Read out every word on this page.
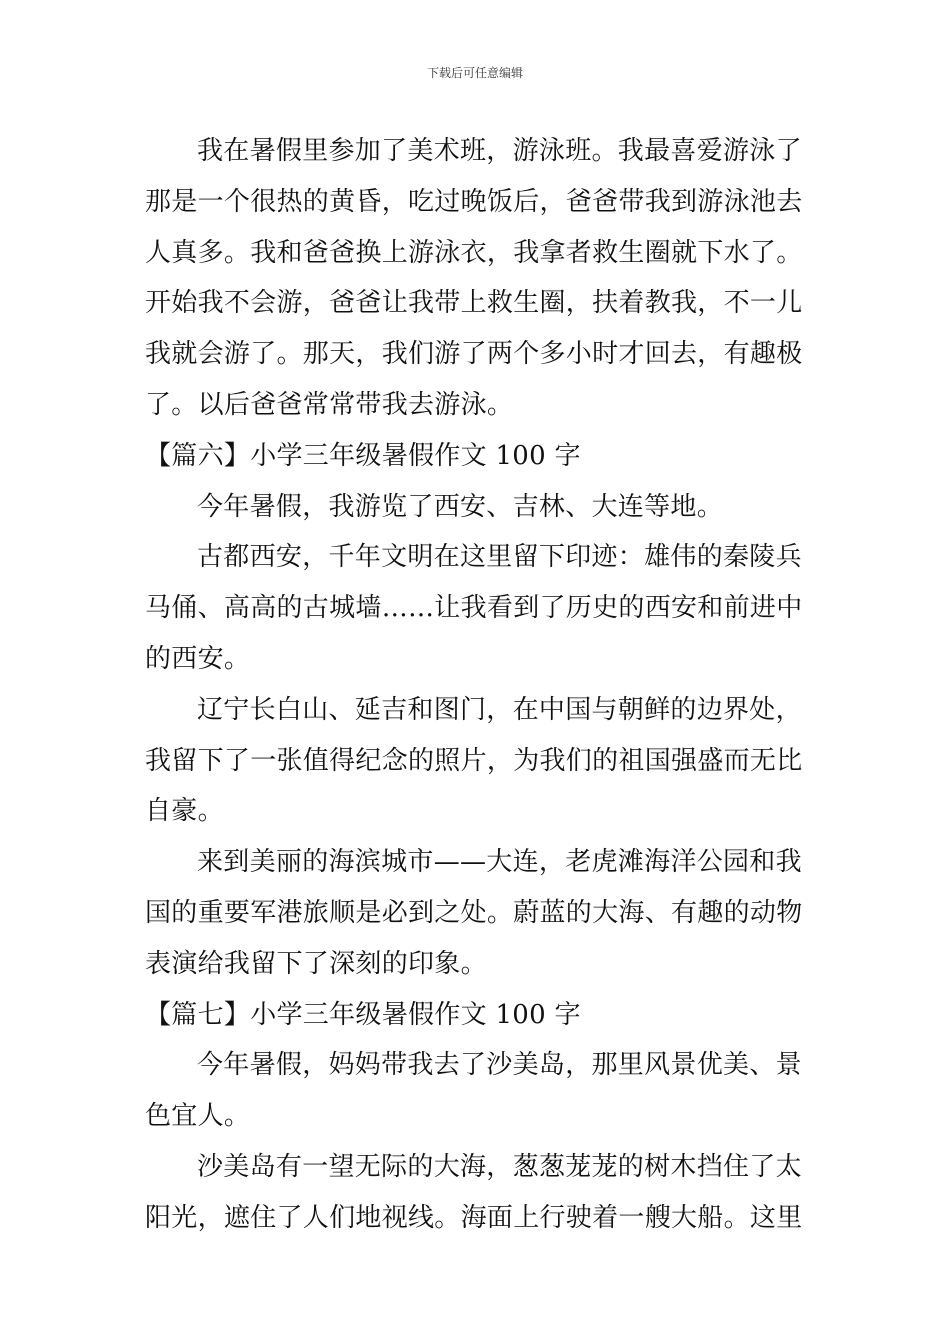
下载后可任意编辑
我在暑假里参加了美术班，游泳班。我最喜爱游泳了
那是一个很热的黄昏，吃过晚饭后，爸爸带我到游泳池去
人真多。我和爸爸换上游泳衣，我拿者救生圈就下水了。
开始我不会游，爸爸让我带上救生圈，扶着教我，不一儿
我就会游了。那天，我们游了两个多小时才回去，有趣极
了。以后爸爸常常带我去游泳。
【篇六】小学三年级暑假作文 100 字
今年暑假，我游览了西安、吉林、大连等地。
古都西安，千年文明在这里留下印迹：雄伟的秦陵兵
马俑、高高的古城墙……让我看到了历史的西安和前进中
的西安。
辽宁长白山、延吉和图门，在中国与朝鲜的边界处，
我留下了一张值得纪念的照片，为我们的祖国强盛而无比
自豪。
来到美丽的海滨城市——大连，老虎滩海洋公园和我
国的重要军港旅顺是必到之处。蔚蓝的大海、有趣的动物
表演给我留下了深刻的印象。
【篇七】小学三年级暑假作文 100 字
今年暑假，妈妈带我去了沙美岛，那里风景优美、景
色宜人。
沙美岛有一望无际的大海，葱葱茏茏的树木挡住了太
阳光，遮住了人们地视线。海面上行驶着一艘大船。这里
